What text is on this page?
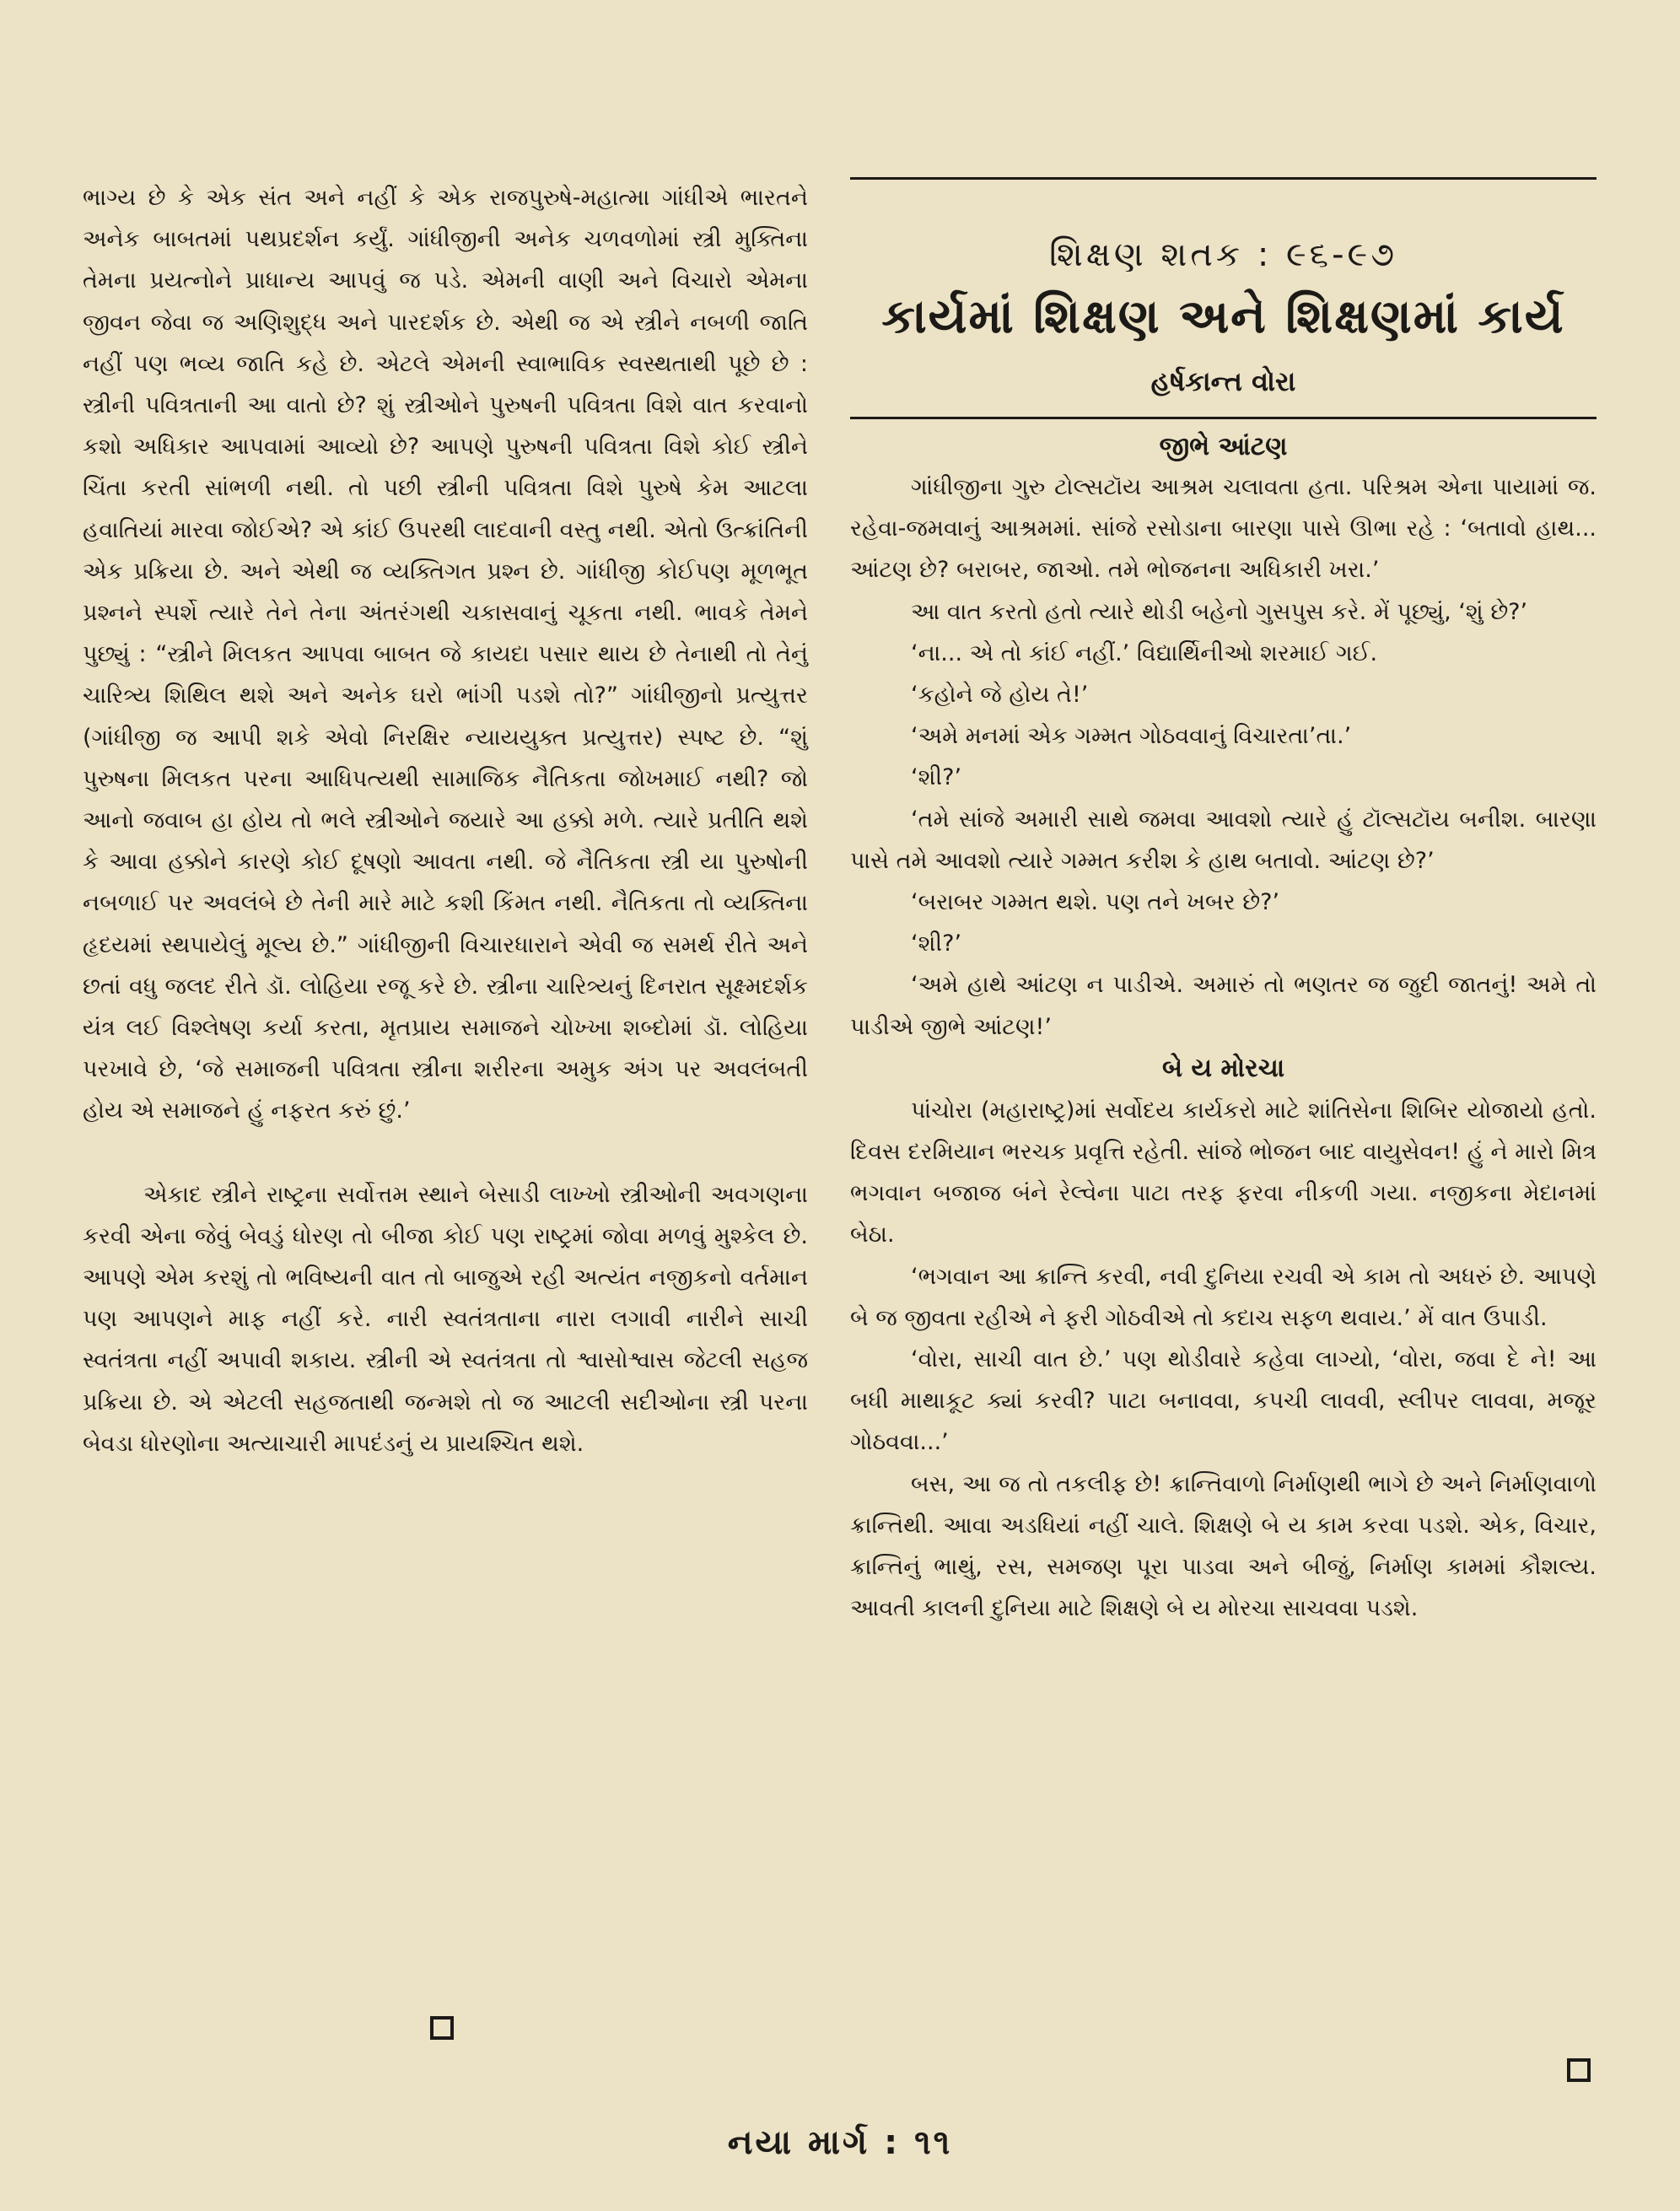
ભાગ્ય છે કે એક સંત અને નહીં કે એક રાજપુરુષે-મહાત્મા ગાંધીએ ભારતને અનેક બાબતમાં પથપ્રદર્શન કર્યું. ગાંધીજીની અનેક ચળવળોમાં સ્ત્રી મુક્તિના તેમના પ્રયત્નોને પ્રાધાન્ય આપવું જ પડે. એમની વાણી અને વિચારો એમના જીવન જેવા જ અણિશુદ્ધ અને પારદર્શક છે. એથી જ એ સ્ત્રીને નબળી જાતિ નહીં પણ ભવ્ય જાતિ કહે છે. એટલે એમની સ્વાભાવિક સ્વસ્થતાથી પૂછે છે : સ્ત્રીની પવિત્રતાની આ વાતો છે? શું સ્ત્રીઓને પુરુષની પવિત્રતા વિશે વાત કરવાનો કશો અધિકાર આપવામાં આવ્યો છે? આપણે પુરુષની પવિત્રતા વિશે કોઈ સ્ત્રીને ચિંતા કરતી સાંભળી નથી. તો પછી સ્ત્રીની પવિત્રતા વિશે પુરુષે કેમ આટલા હવાતિયાં મારવા જોઈએ? એ કાંઈ ઉપરથી લાદવાની વસ્તુ નથી. એતો ઉત્ક્રાંતિની એક પ્રક્રિયા છે. અને એથી જ વ્યક્તિગત પ્રશ્ન છે. ગાંધીજી કોઈપણ મૂળભૂત પ્રશ્નને સ્પર્શે ત્યારે તેને તેના અંતરંગથી ચકાસવાનું ચૂકતા નથી. ભાવકે તેમને પુછ્યું : “સ્ત્રીને મિલકત આપવા બાબત જે કાયદા પસાર થાય છે તેનાથી તો તેનું ચારિત્ર્ય શિથિલ થશે અને અનેક ઘરો ભાંગી પડશે તો?” ગાંધીજીનો પ્રત્યુત્તર (ગાંધીજી જ આપી શકે એવો નિરક્ષિર ન્યાયયુક્ત પ્રત્યુત્તર) સ્પષ્ટ છે. “શું પુરુષના મિલકત પરના આધિપત્યથી સામાજિક નૈતિકતા જોખમાઈ નથી? જો આનો જવાબ હા હોય તો ભલે સ્ત્રીઓને જયારે આ હક્કો મળે. ત્યારે પ્રતીતિ થશે કે આવા હક્કોને કારણે કોઈ દૂષણો આવતા નથી. જે નૈતિકતા સ્ત્રી યા પુરુષોની નબળાઈ પર અવલંબે છે તેની મારે માટે કશી કિંમત નથી. નૈતિકતા તો વ્યક્તિના હૃદયમાં સ્થપાયેલું મૂલ્ય છે.” ગાંધીજીની વિચારધારાને એવી જ સમર્થ રીતે અને છતાં વધુ જલદ રીતે ડૉ. લોહિયા રજૂ કરે છે. સ્ત્રીના ચારિત્ર્યનું દિનરાત સૂક્ષ્મદર્શક યંત્ર લઈ વિશ્લેષણ કર્યા કરતા, મૃતપ્રાય સમાજને ચોખ્ખા શબ્દોમાં ડૉ. લોહિયા પરખાવે છે, ‘જે સમાજની પવિત્રતા સ્ત્રીના શરીરના અમુક અંગ પર અવલંબતી હોય એ સમાજને હું નફરત કરું છું.’

એકાદ સ્ત્રીને રાષ્ટ્રના સર્વોત્તમ સ્થાને બેસાડી લાખ્ખો સ્ત્રીઓની અવગણના કરવી એના જેવું બેવડું ધોરણ તો બીજા કોઈ પણ રાષ્ટ્રમાં જોવા મળવું મુશ્કેલ છે. આપણે એમ કરશું તો ભવિષ્યની વાત તો બાજુએ રહી અત્યંત નજીકનો વર્તમાન પણ આપણને માફ નહીં કરે. નારી સ્વતંત્રતાના નારા લગાવી નારીને સાચી સ્વતંત્રતા નહીં અપાવી શકાય. સ્ત્રીની એ સ્વતંત્રતા તો શ્વાસોશ્વાસ જેટલી સહજ પ્રક્રિયા છે. એ એટલી સહજતાથી જન્મશે તો જ આટલી સદીઓના સ્ત્રી પરના બેવડા ધોરણોના અત્યાચારી માપદંડનું ય પ્રાયશ્ચિત થશે.

શિક્ષણ શતક : ૯૬-૯૭
કાર્યમાં શિક્ષણ અને શિક્ષણમાં કાર્ય
હર્ષકાન્ત વોરા
જીભે આંટણ

ગાંધીજીના ગુરુ ટોલ્સટૉય આશ્રમ ચલાવતા હતા. પરિશ્રમ એના પાયામાં જ. રહેવા-જમવાનું આશ્રમમાં. સાંજે રસોડાના બારણા પાસે ઊભા રહે : ‘બતાવો હાથ... આંટણ છે? બરાબર, જાઓ. તમે ભોજનના અધિકારી ખરા.’

આ વાત કરતો હતો ત્યારે થોડી બહેનો ગુસપુસ કરે. મેં પૂછ્યું, ‘શું છે?’

‘ના... એ તો કાંઈ નહીં.’ વિદ્યાર્થિનીઓ શરમાઈ ગઈ.

‘કહોને જે હોય તે!’

‘અમે મનમાં એક ગમ્મત ગોઠવવાનું વિચારતા’તા.’

‘શી?’

‘તમે સાંજે અમારી સાથે જમવા આવશો ત્યારે હું ટૉલ્સટૉય બનીશ. બારણા પાસે તમે આવશો ત્યારે ગમ્મત કરીશ કે હાથ બતાવો. આંટણ છે?’

‘બરાબર ગમ્મત થશે. પણ તને ખબર છે?’

‘શી?’

‘અમે હાથે આંટણ ન પાડીએ. અમારું તો ભણતર જ જુદી જાતનું! અમે તો પાડીએ જીભે આંટણ!’

બે ય મોરચા

પાંચોરા (મહારાષ્ટ્ર)માં સર્વોદય કાર્યકરો માટે શાંતિસેના શિબિર યોજાયો હતો. દિવસ દરમિયાન ભરચક પ્રવૃત્તિ રહેતી. સાંજે ભોજન બાદ વાયુસેવન! હું ને મારો મિત્ર ભગવાન બજાજ બંને રેલ્વેના પાટા તરફ ફરવા નીકળી ગયા. નજીકના મેદાનમાં બેઠા.

‘ભગવાન આ ક્રાન્તિ કરવી, નવી દુનિયા રચવી એ કામ તો અધરું છે. આપણે બે જ જીવતા રહીએ ને ફરી ગોઠવીએ તો કદાચ સફળ થવાય.’ મેં વાત ઉપાડી.

‘વોરા, સાચી વાત છે.’ પણ થોડીવારે કહેવા લાગ્યો, ‘વોરા, જવા દે ને! આ બધી માથાકૂટ ક્યાં કરવી? પાટા બનાવવા, કપચી લાવવી, સ્લીપર લાવવા, મજૂર ગોઠવવા...’

બસ, આ જ તો તકલીફ છે! ક્રાન્તિવાળો નિર્માણથી ભાગે છે અને નિર્માણવાળો ક્રાન્તિથી. આવા અડધિયાં નહીં ચાલે. શિક્ષણે બે ય કામ કરવા પડશે. એક, વિચાર, ક્રાન્તિનું ભાથું, રસ, સમજણ પૂરા પાડવા અને બીજું, નિર્માણ કામમાં કૌશલ્ય. આવતી કાલની દુનિયા માટે શિક્ષણે બે ય મોરચા સાચવવા પડશે.

નયા માર્ગ : ૧૧
